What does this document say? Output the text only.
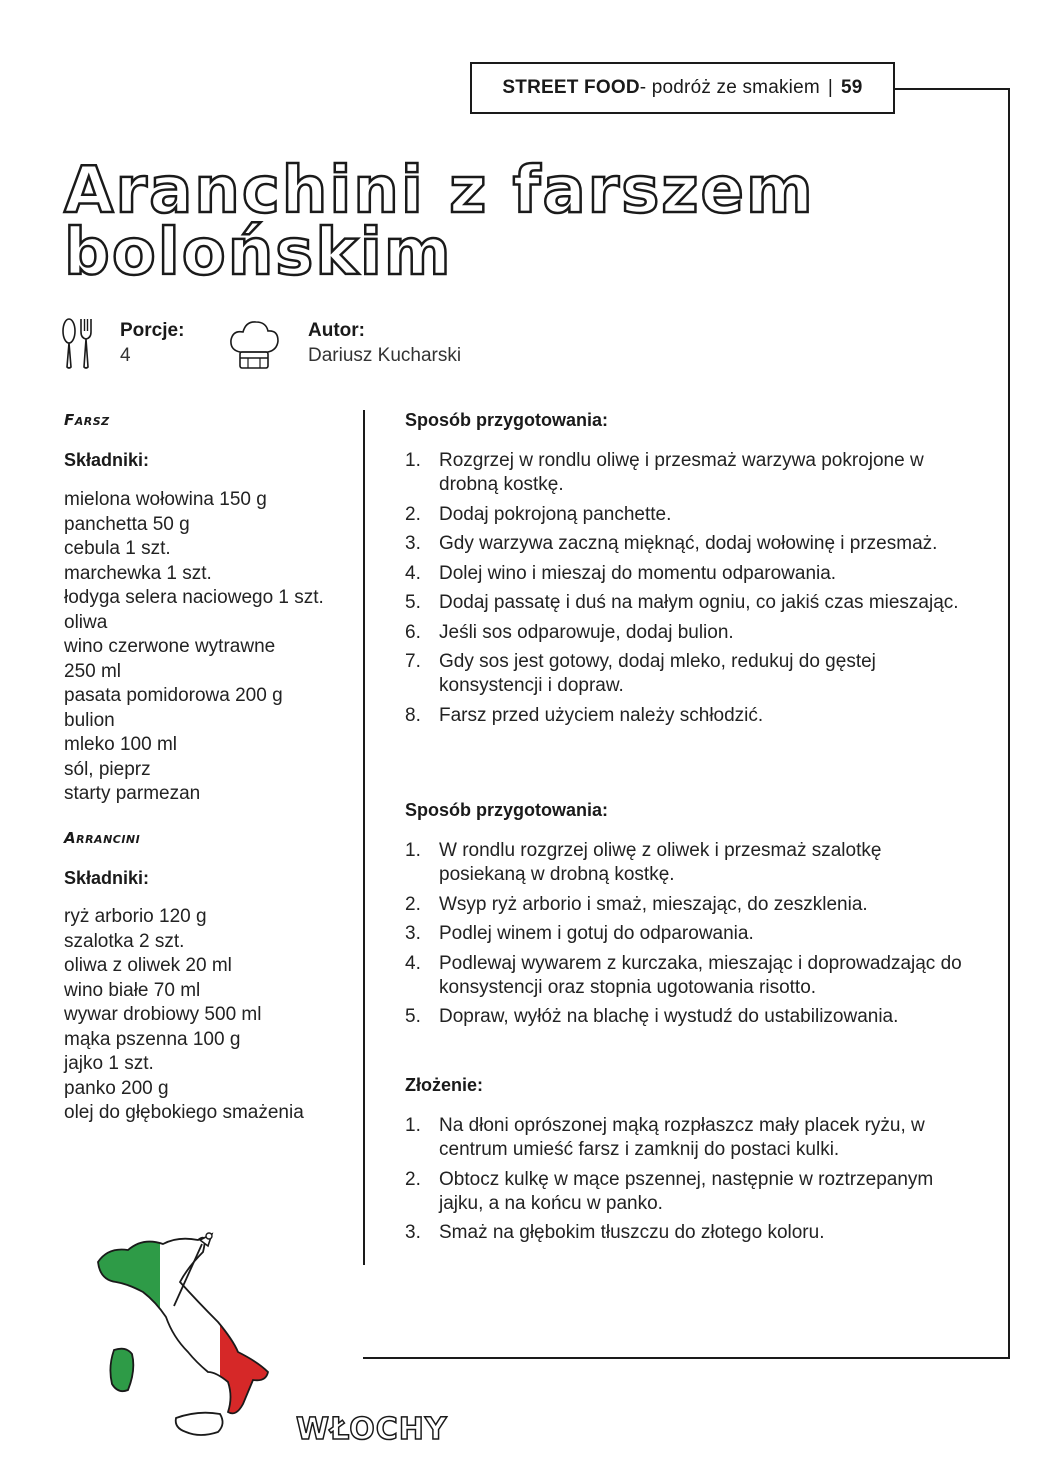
STREET FOOD - podróż ze smakiem | 59
Aranchini z farszem
bolońskim
Porcje:
4
Autor:
Dariusz Kucharski
Farsz
Składniki:
mielona wołowina 150 g
panchetta 50 g
cebula 1 szt.
marchewka 1 szt.
łodyga selera naciowego 1 szt.
oliwa
wino czerwone wytrawne
250 ml
pasata pomidorowa 200 g
bulion
mleko 100 ml
sól, pieprz
starty parmezan
Arrancini
Składniki:
ryż arborio 120 g
szalotka 2 szt.
oliwa z oliwek 20 ml
wino białe 70 ml
wywar drobiowy 500 ml
mąka pszenna 100 g
jajko 1 szt.
panko 200 g
olej do głębokiego smażenia
Sposób przygotowania:
1. Rozgrzej w rondlu oliwę i przesmaż warzywa pokrojone w drobną kostkę.
2. Dodaj pokrojoną panchette.
3. Gdy warzywa zaczną mięknąć, dodaj wołowinę i przesmaż.
4. Dolej wino i mieszaj do momentu odparowania.
5. Dodaj passatę i duś na małym ogniu, co jakiś czas mieszając.
6. Jeśli sos odparowuje, dodaj bulion.
7. Gdy sos jest gotowy, dodaj mleko, redukuj do gęstej konsystencji i dopraw.
8. Farsz przed użyciem należy schłodzić.
Sposób przygotowania:
1. W rondlu rozgrzej oliwę z oliwek i przesmaż szalotkę posiekaną w drobną kostkę.
2. Wsyp ryż arborio i smaż, mieszając, do zeszklenia.
3. Podlej winem i gotuj do odparowania.
4. Podlewaj wywarem z kurczaka, mieszając i doprowadzając do konsystencji oraz stopnia ugotowania risotto.
5. Dopraw, wyłóż na blachę i wystudź do ustabilizowania.
Złożenie:
1. Na dłoni oprószonej mąką rozpłaszcz mały placek ryżu, w centrum umieść farsz i zamknij do postaci kulki.
2. Obtocz kulkę w mące pszennej, następnie w roztrzepanym jajku, a na końcu w panko.
3. Smaż na głębokim tłuszczu do złotego koloru.
WŁOCHY
